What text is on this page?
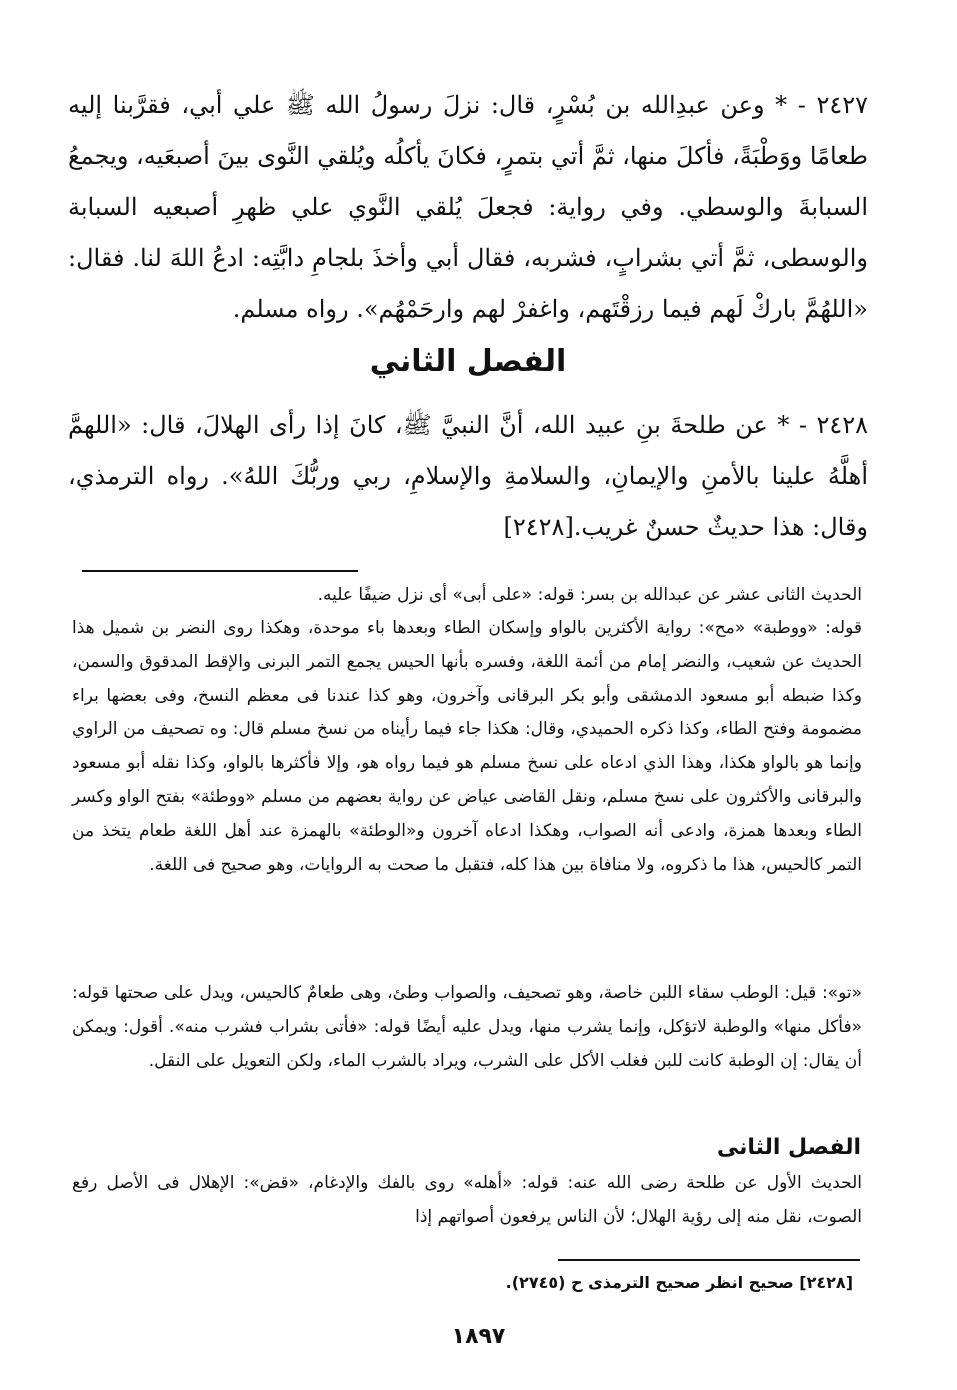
٢٤٢٧ - * وعن عبدِالله بن بُسْرٍ، قال: نزلَ رسولُ الله ﷺ علي أبي، فقرَّبنا إليه طعامًا ووَطْبَةً، فأكلَ منها، ثمَّ أتي بتمرٍ، فكانَ يأكلُه ويُلقي النَّوى بينَ أصبعَيه، ويجمعُ السبابةَ والوسطي. وفي رواية: فجعلَ يُلقي النَّوي علي ظهرِ أصبعيه السبابة والوسطى، ثمَّ أتي بشرابٍ، فشربه، فقال أبي وأخذَ بلجامِ دابَّتِه: ادعُ اللهَ لنا. فقال: «اللهُمَّ باركْ لَهم فيما رزقْتَهم، واغفرْ لهم وارحَمْهُم». رواه مسلم.

الفصل الثاني

٢٤٢٨ - * عن طلحةَ بنِ عبيد الله، أنَّ النبيَّ ﷺ، كانَ إذا رأى الهلالَ، قال: «اللهمَّ أهلَّهُ علينا بالأمنِ والإيمانِ، والسلامةِ والإسلامِ، ربي وربُّكَ اللهُ». رواه الترمذي، وقال: هذا حديثٌ حسنٌ غريب.[٢٤٢٨]

الحديث الثانى عشر عن عبدالله بن بسر: قوله: «على أبى» أى نزل ضيفًا عليه.

قوله: «ووطبة» «مح»: رواية الأكثرين بالواو وإسكان الطاء وبعدها باء موحدة، وهكذا روى النضر بن شميل هذا الحديث عن شعيب، والنضر إمام من أئمة اللغة، وفسره بأنها الحيس يجمع التمر البرنى والإقط المدقوق والسمن، وكذا ضبطه أبو مسعود الدمشقى وأبو بكر البرقانى وآخرون، وهو كذا عندنا فى معظم النسخ، وفى بعضها براء مضمومة وفتح الطاء، وكذا ذكره الحميدي، وقال: هكذا جاء فيما رأيناه من نسخ مسلم قال: وه تصحيف من الراوي وإنما هو بالواو هكذا، وهذا الذي ادعاه على نسخ مسلم هو فيما رواه هو، وإلا فأكثرها بالواو، وكذا نقله أبو مسعود والبرقانى والأكثرون على نسخ مسلم، ونقل القاضى عياض عن رواية بعضهم من مسلم «ووطئة» بفتح الواو وكسر الطاء وبعدها همزة، وادعى أنه الصواب، وهكذا ادعاه آخرون و«الوطئة» بالهمزة عند أهل اللغة طعام يتخذ من التمر كالحيس، هذا ما ذكروه، ولا منافاة بين هذا كله، فتقبل ما صحت به الروايات، وهو صحيح فى اللغة.

«تو»: قيل: الوطب سقاء اللبن خاصة، وهو تصحيف، والصواب وطئ، وهى طعامٌ كالحيس، ويدل على صحتها قوله: «فأكل منها» والوطبة لاتؤكل، وإنما يشرب منها، ويدل عليه أيضًا قوله: «فأتى بشراب فشرب منه». أقول: ويمكن أن يقال: إن الوطبة كانت للبن فغلب الأكل على الشرب، ويراد بالشرب الماء، ولكن التعويل على النقل.

الفصل الثانى

الحديث الأول عن طلحة رضى الله عنه: قوله: «أهله» روى بالفك والإدغام، «قض»: الإهلال فى الأصل رفع الصوت، نقل منه إلى رؤية الهلال؛ لأن الناس يرفعون أصواتهم إذا

[٢٤٢٨] صحيح انظر صحيح الترمذى ح (٢٧٤٥).

١٨٩٧
